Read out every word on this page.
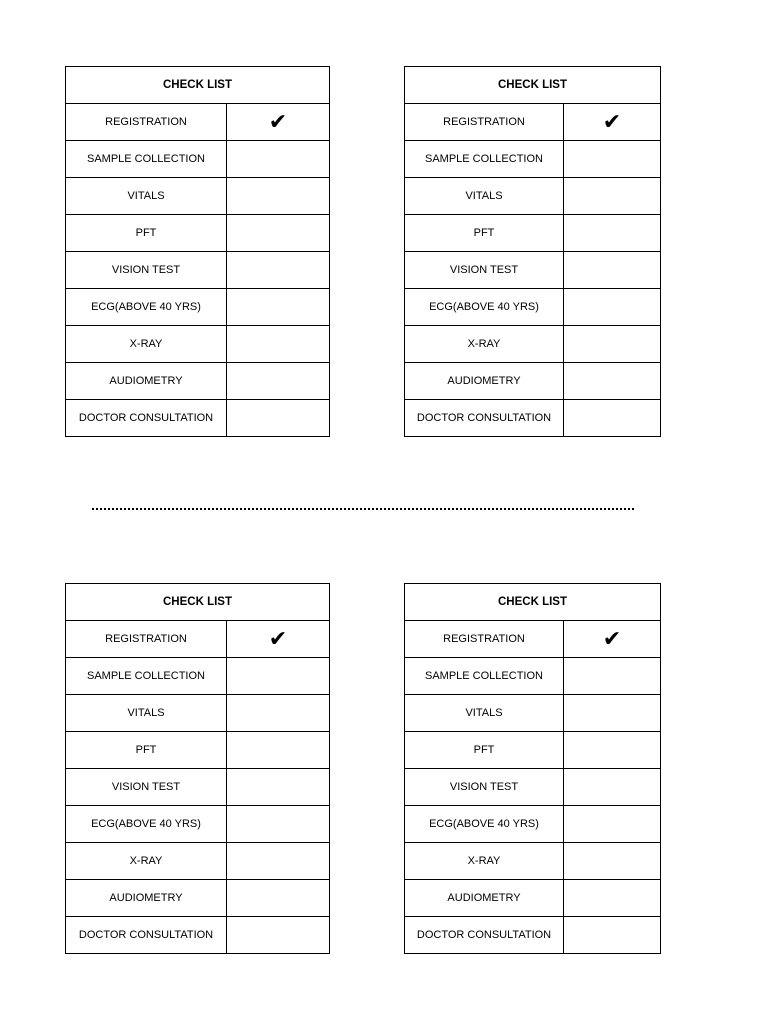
CHECK LIST	
REGISTRATION	✔
SAMPLE COLLECTION	
VITALS	
PFT	
VISION TEST	
ECG(ABOVE 40 YRS)	
X-RAY	
AUDIOMETRY	
DOCTOR CONSULTATION	
CHECK LIST	
REGISTRATION	✔
SAMPLE COLLECTION	
VITALS	
PFT	
VISION TEST	
ECG(ABOVE 40 YRS)	
X-RAY	
AUDIOMETRY	
DOCTOR CONSULTATION	
CHECK LIST	
REGISTRATION	✔
SAMPLE COLLECTION	
VITALS	
PFT	
VISION TEST	
ECG(ABOVE 40 YRS)	
X-RAY	
AUDIOMETRY	
DOCTOR CONSULTATION	
CHECK LIST	
REGISTRATION	✔
SAMPLE COLLECTION	
VITALS	
PFT	
VISION TEST	
ECG(ABOVE 40 YRS)	
X-RAY	
AUDIOMETRY	
DOCTOR CONSULTATION	
